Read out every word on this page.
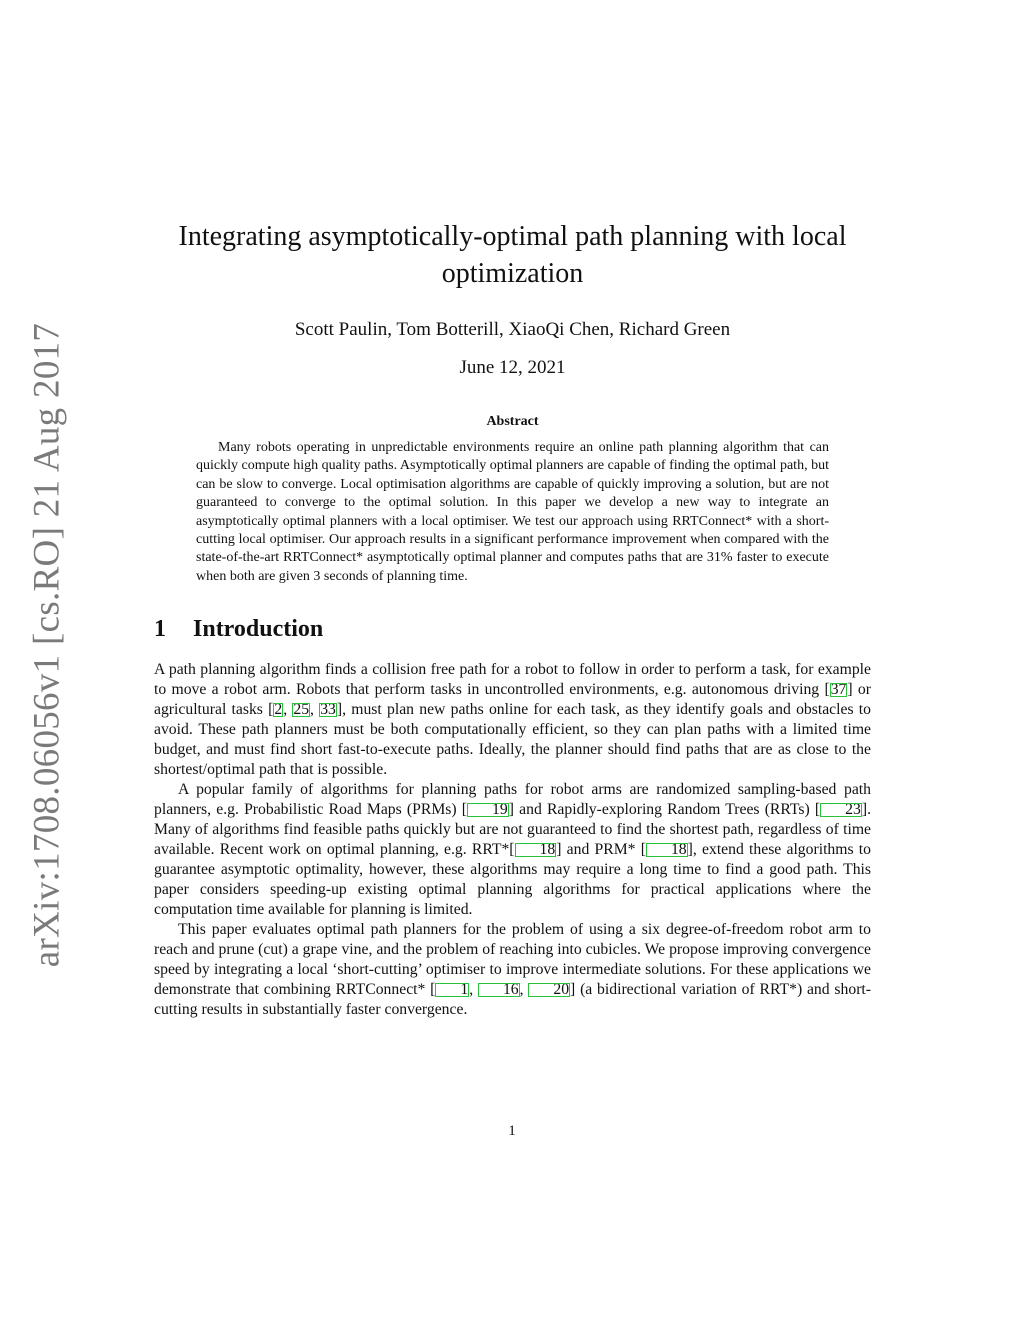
arXiv:1708.06056v1 [cs.RO] 21 Aug 2017
Integrating asymptotically-optimal path planning with local optimization
Scott Paulin, Tom Botterill, XiaoQi Chen, Richard Green
June 12, 2021
Abstract

Many robots operating in unpredictable environments require an online path planning algorithm that can quickly compute high quality paths. Asymptotically optimal planners are capable of finding the optimal path, but can be slow to converge. Local optimisation algorithms are capable of quickly improving a solution, but are not guaranteed to converge to the optimal solution. In this paper we develop a new way to integrate an asymptotically optimal planners with a local optimiser. We test our approach using RRTConnect* with a short-cutting local optimiser. Our approach results in a significant performance improvement when compared with the state-of-the-art RRTConnect* asymptotically optimal planner and computes paths that are 31% faster to execute when both are given 3 seconds of planning time.

1 Introduction

A path planning algorithm finds a collision free path for a robot to follow in order to perform a task, for example to move a robot arm. Robots that perform tasks in uncontrolled environments, e.g. autonomous driving [37] or agricultural tasks [2, 25, 33], must plan new paths online for each task, as they identify goals and obstacles to avoid. These path planners must be both computationally efficient, so they can plan paths with a limited time budget, and must find short fast-to-execute paths. Ideally, the planner should find paths that are as close to the shortest/optimal path that is possible.

A popular family of algorithms for planning paths for robot arms are randomized sampling-based path planners, e.g. Probabilistic Road Maps (PRMs) [ 19] and Rapidly-exploring Random Trees (RRTs) [ 23]. Many of algorithms find feasible paths quickly but are not guaranteed to find the shortest path, regardless of time available. Recent work on optimal planning, e.g. RRT*[ 18] and PRM* [ 18], extend these algorithms to guarantee asymptotic optimality, however, these algorithms may require a long time to find a good path. This paper considers speeding-up existing optimal planning algorithms for practical applications where the computation time available for planning is limited.

This paper evaluates optimal path planners for the problem of using a six degree-of-freedom robot arm to reach and prune (cut) a grape vine, and the problem of reaching into cubicles. We propose improving convergence speed by integrating a local ‘short-cutting’ optimiser to improve intermediate solutions. For these applications we demonstrate that combining RRTConnect* [ 1, 16, 20] (a bidirectional variation of RRT*) and short-cutting results in substantially faster convergence.

1
